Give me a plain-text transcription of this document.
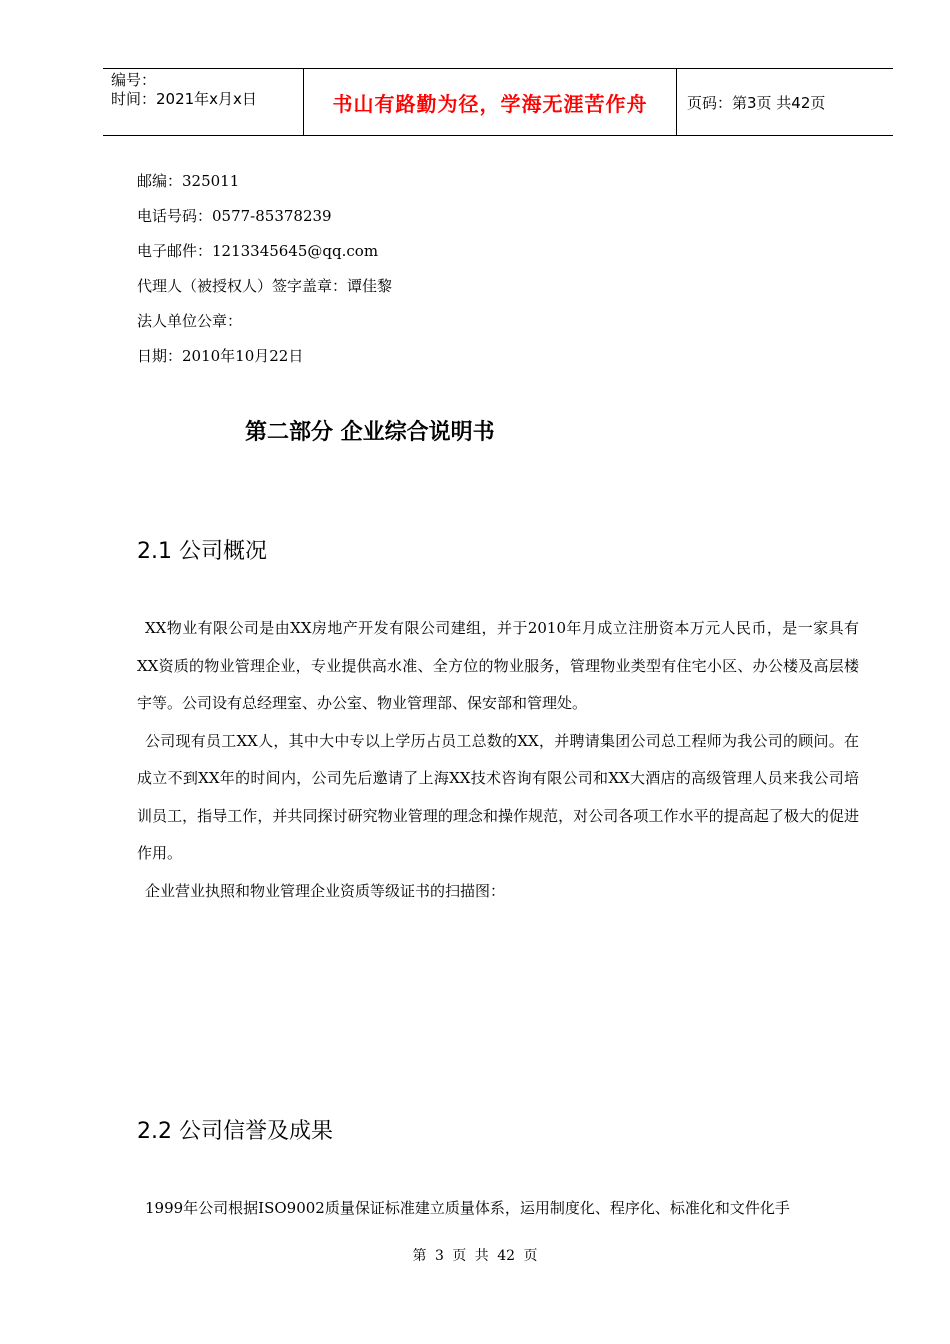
编号：
时间：2021年x月x日	书山有路勤为径，学海无涯苦作舟	页码：第3页 共42页
邮编：325011
电话号码：0577-85378239
电子邮件：1213345645@qq.com
代理人（被授权人）签字盖章：谭佳黎
法人单位公章：
日期：2010年10月22日
第二部分 企业综合说明书
2.1 公司概况

XX物业有限公司是由XX房地产开发有限公司建组，并于2010年月成立注册资本万元人民币，是一家具有XX资质的物业管理企业，专业提供高水准、全方位的物业服务，管理物业类型有住宅小区、办公楼及高层楼宇等。公司设有总经理室、办公室、物业管理部、保安部和管理处。

公司现有员工XX人，其中大中专以上学历占员工总数的XX，并聘请集团公司总工程师为我公司的顾问。在成立不到XX年的时间内，公司先后邀请了上海XX技术咨询有限公司和XX大酒店的高级管理人员来我公司培训员工，指导工作，并共同探讨研究物业管理的理念和操作规范，对公司各项工作水平的提高起了极大的促进作用。

企业营业执照和物业管理企业资质等级证书的扫描图：

2.2 公司信誉及成果

1999年公司根据ISO9002质量保证标准建立质量体系，运用制度化、程序化、标准化和文件化手

第 3 页 共 42 页
